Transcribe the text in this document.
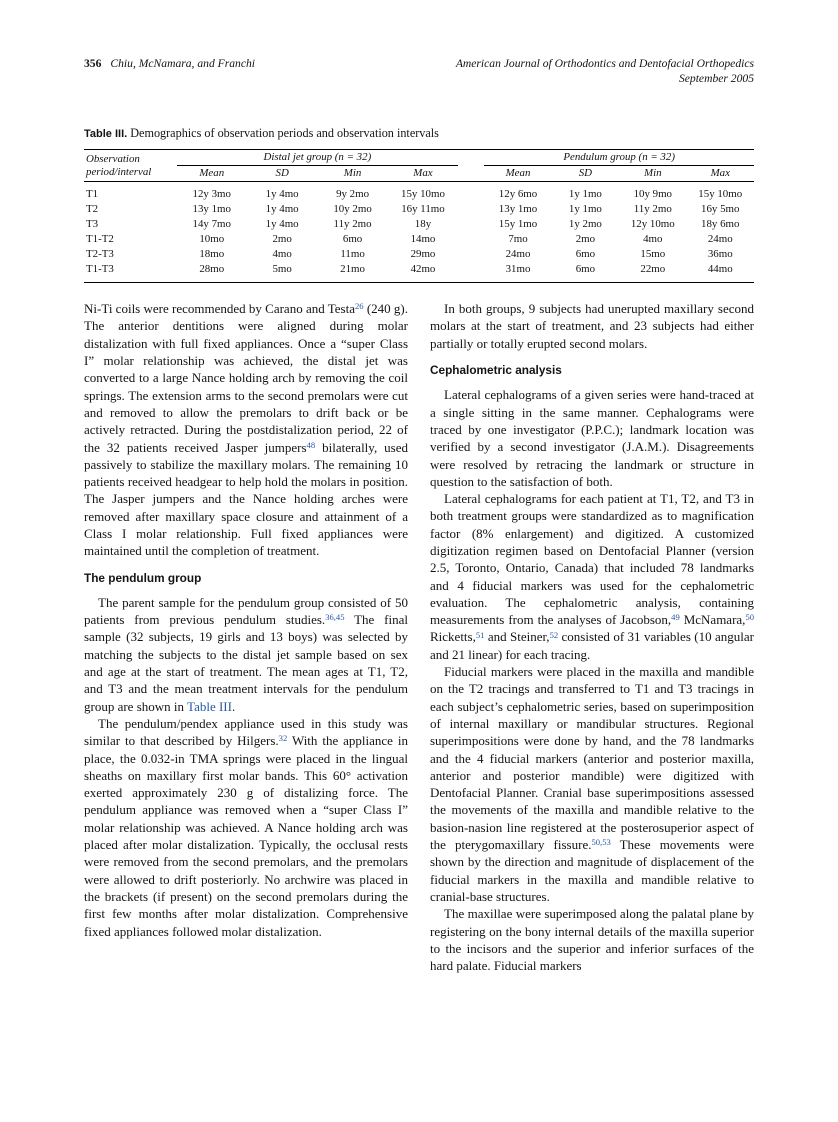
356 Chiu, McNamara, and Franchi	American Journal of Orthodontics and Dentofacial Orthopedics
September 2005
Table III. Demographics of observation periods and observation intervals
Observation period/interval	Distal jet group (n = 32)					Pendulum group (n = 32)			
	Mean	SD	Min	Max		Mean	SD	Min	Max
T1	12y 3mo	1y 4mo	9y 2mo	15y 10mo		12y 6mo	1y 1mo	10y 9mo	15y 10mo
T2	13y 1mo	1y 4mo	10y 2mo	16y 11mo		13y 1mo	1y 1mo	11y 2mo	16y 5mo
T3	14y 7mo	1y 4mo	11y 2mo	18y		15y 1mo	1y 2mo	12y 10mo	18y 6mo
T1-T2	10mo	2mo	6mo	14mo		7mo	2mo	4mo	24mo
T2-T3	18mo	4mo	11mo	29mo		24mo	6mo	15mo	36mo
T1-T3	28mo	5mo	21mo	42mo		31mo	6mo	22mo	44mo

Ni-Ti coils were recommended by Carano and Testa$^{26}$ (240 g). The anterior dentitions were aligned during molar distalization with full fixed appliances. Once a “super Class I” molar relationship was achieved, the distal jet was converted to a large Nance holding arch by removing the coil springs. The extension arms to the second premolars were cut and removed to allow the premolars to drift back or be actively retracted. During the postdistalization period, 22 of the 32 patients received Jasper jumpers$^{48}$ bilaterally, used passively to stabilize the maxillary molars. The remaining 10 patients received headgear to help hold the molars in position. The Jasper jumpers and the Nance holding arches were removed after maxillary space closure and attainment of a Class I molar relationship. Full fixed appliances were maintained until the completion of treatment.

The pendulum group

The parent sample for the pendulum group consisted of 50 patients from previous pendulum studies.$^{36,45}$ The final sample (32 subjects, 19 girls and 13 boys) was selected by matching the subjects to the distal jet sample based on sex and age at the start of treatment. The mean ages at T1, T2, and T3 and the mean treatment intervals for the pendulum group are shown in Table III.

The pendulum/pendex appliance used in this study was similar to that described by Hilgers.$^{32}$ With the appliance in place, the 0.032-in TMA springs were placed in the lingual sheaths on maxillary first molar bands. This 60° activation exerted approximately 230 g of distalizing force. The pendulum appliance was removed when a “super Class I” molar relationship was achieved. A Nance holding arch was placed after molar distalization. Typically, the occlusal rests were removed from the second premolars, and the premolars were allowed to drift posteriorly. No archwire was placed in the brackets (if present) on the second premolars during the first few months after molar distalization. Comprehensive fixed appliances followed molar distalization.

In both groups, 9 subjects had unerupted maxillary second molars at the start of treatment, and 23 subjects had either partially or totally erupted second molars.

Cephalometric analysis

Lateral cephalograms of a given series were hand-traced at a single sitting in the same manner. Cephalograms were traced by one investigator (P.P.C.); landmark location was verified by a second investigator (J.A.M.). Disagreements were resolved by retracing the landmark or structure in question to the satisfaction of both.

Lateral cephalograms for each patient at T1, T2, and T3 in both treatment groups were standardized as to magnification factor (8% enlargement) and digitized. A customized digitization regimen based on Dentofacial Planner (version 2.5, Toronto, Ontario, Canada) that included 78 landmarks and 4 fiducial markers was used for the cephalometric evaluation. The cephalometric analysis, containing measurements from the analyses of Jacobson,$^{49}$ McNamara,$^{50}$ Ricketts,$^{51}$ and Steiner,$^{52}$ consisted of 31 variables (10 angular and 21 linear) for each tracing.

Fiducial markers were placed in the maxilla and mandible on the T2 tracings and transferred to T1 and T3 tracings in each subject’s cephalometric series, based on superimposition of internal maxillary or mandibular structures. Regional superimpositions were done by hand, and the 78 landmarks and the 4 fiducial markers (anterior and posterior maxilla, anterior and posterior mandible) were digitized with Dentofacial Planner. Cranial base superimpositions assessed the movements of the maxilla and mandible relative to the basion-nasion line registered at the posterosuperior aspect of the pterygomaxillary fissure.$^{50,53}$ These movements were shown by the direction and magnitude of displacement of the fiducial markers in the maxilla and mandible relative to cranial-base structures.

The maxillae were superimposed along the palatal plane by registering on the bony internal details of the maxilla superior to the incisors and the superior and inferior surfaces of the hard palate. Fiducial markers
